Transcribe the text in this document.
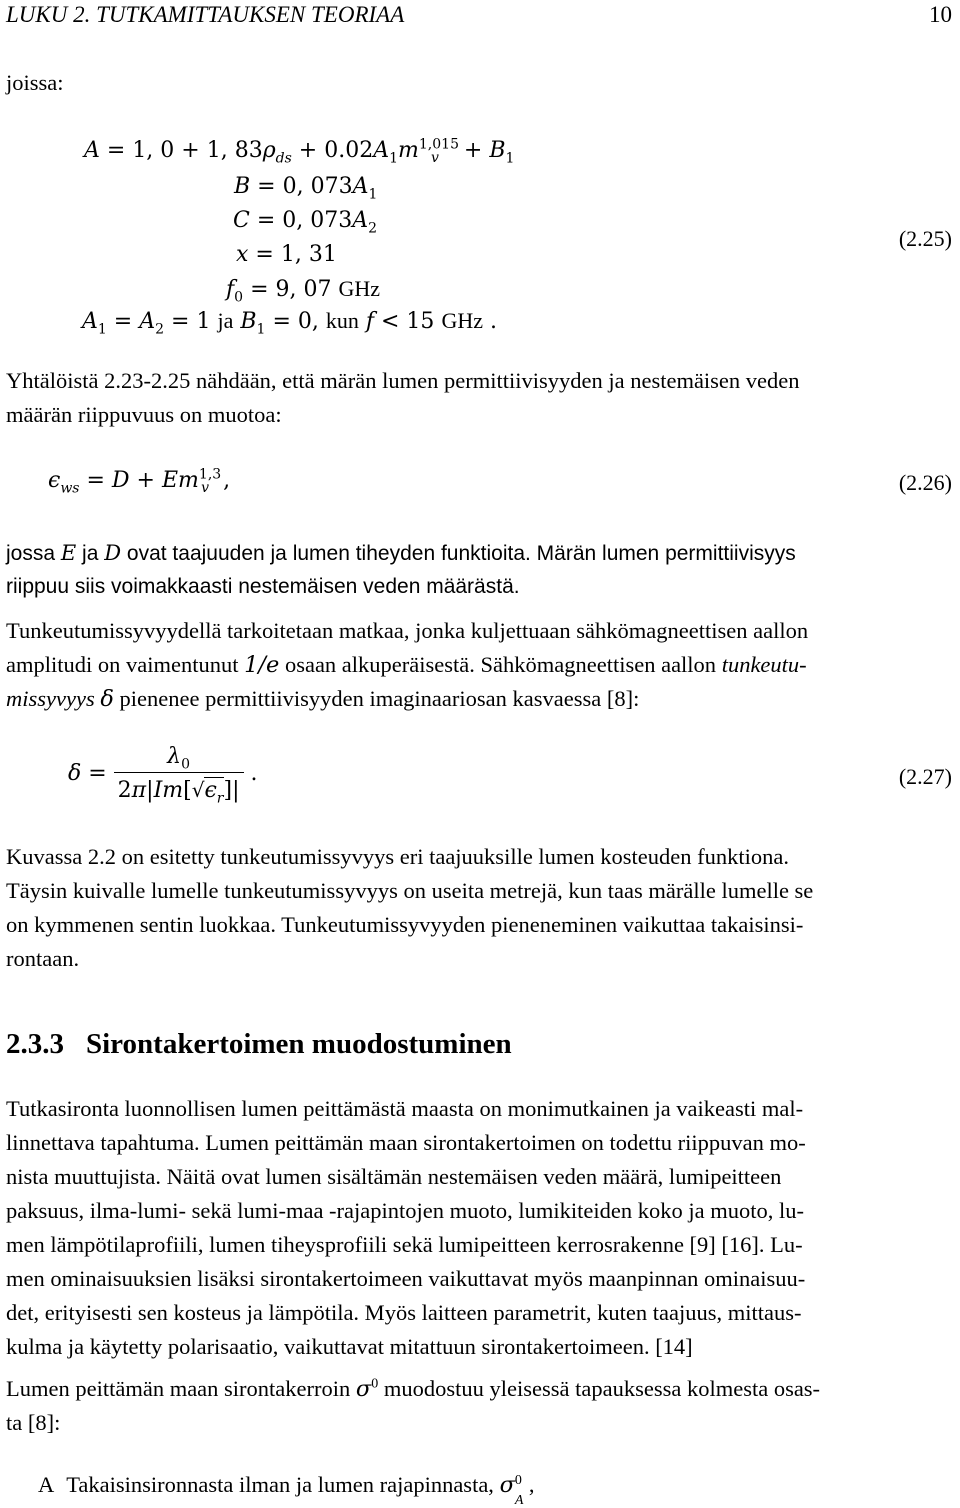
LUKU 2. TUTKAMITTAUKSEN TEORIAA	10
joissa:
A = 1, 0 + 1, $83\rho_{ds} + 0.02A_1m^{1,015}_v + B_1$
B = 0, $073A_1$
C = 0, $073A_2$
x = 1, 31
$f_0 = 9$, 07 GHz
$A_1 = A_2 = 1$ ja $B_1 = 0$, kun f < 15 GHz .
(2.25)
Yhtälöistä 2.23-2.25 nähdään, että märän lumen permittiivisyyden ja nestemäisen veden
määrän riippuvuus on muotoa:
$\epsilon_{ws} = D + Em^{1,3}_v$ ,	(2.26)
jossa E ja D ovat taajuuden ja lumen tiheyden funktioita. Märän lumen permittiivisyys
riippuu siis voimakkaasti nestemäisen veden määrästä.
Tunkeutumissyvyydellä tarkoitetaan matkaa, jonka kuljettuaan sähkömagneettisen aallon
amplitudi on vaimentunut 1/e osaan alkuperäisestä. Sähkömagneettisen aallon tunkeutu-
missyvyys δ pienenee permittiivisyyden imaginaariosan kasvaessa [8]:
$\delta = \frac{\lambda_0}{2\pi|Im[√\epsilon_r]|}$ .	(2.27)
Kuvassa 2.2 on esitetty tunkeutumissyvyys eri taajuuksille lumen kosteuden funktiona.
Täysin kuivalle lumelle tunkeutumissyvyys on useita metrejä, kun taas märälle lumelle se
on kymmenen sentin luokkaa. Tunkeutumissyvyyden pieneneminen vaikuttaa takaisinsi-
rontaan.
2.3.3 Sirontakertoimen muodostuminen
Tutkasironta luonnollisen lumen peittämästä maasta on monimutkainen ja vaikeasti mal-
linnettava tapahtuma. Lumen peittämän maan sirontakertoimen on todettu riippuvan mo-
nista muuttujista. Näitä ovat lumen sisältämän nestemäisen veden määrä, lumipeitteen
paksuus, ilma-lumi- sekä lumi-maa -rajapintojen muoto, lumikiteiden koko ja muoto, lu-
men lämpötilaprofiili, lumen tiheysprofiili sekä lumipeitteen kerrosrakenne [9] [16]. Lu-
men ominaisuuksien lisäksi sirontakertoimeen vaikuttavat myös maanpinnan ominaisuu-
det, erityisesti sen kosteus ja lämpötila. Myös laitteen parametrit, kuten taajuus, mittaus-
kulma ja käytetty polarisaatio, vaikuttavat mitattuun sirontakertoimeen. [14]
Lumen peittämän maan sirontakerroin $\sigma^0$ muodostuu yleisessä tapauksessa kolmesta osas-
ta [8]:
A Takaisinsironnasta ilman ja lumen rajapinnasta, σ 0
A
,
